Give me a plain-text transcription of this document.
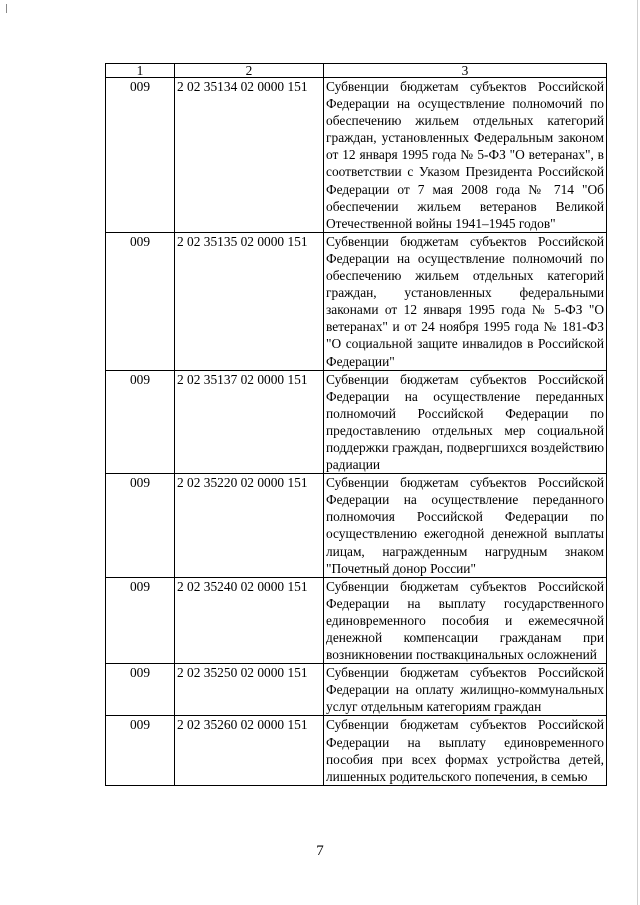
1	2	3
009	2 02 35134 02 0000 151	Субвенции бюджетам субъектов Российской Федерации на осуществление полномочий по обеспечению жильем отдельных категорий граждан, установленных Федеральным законом от 12 января 1995 года № 5-ФЗ "О ветеранах", в соответствии с Указом Президента Российской Федерации от 7 мая 2008 года № 714 "Об обеспечении жильем ветеранов Великой Отечественной войны 1941–1945 годов"
009	2 02 35135 02 0000 151	Субвенции бюджетам субъектов Российской Федерации на осуществление полномочий по обеспечению жильем отдельных категорий граждан, установленных федеральными законами от 12 января 1995 года № 5-ФЗ "О ветеранах" и от 24 ноября 1995 года № 181-ФЗ "О социальной защите инвалидов в Российской Федерации"
009	2 02 35137 02 0000 151	Субвенции бюджетам субъектов Российской Федерации на осуществление переданных полномочий Российской Федерации по предоставлению отдельных мер социальной поддержки граждан, подвергшихся воздействию радиации
009	2 02 35220 02 0000 151	Субвенции бюджетам субъектов Российской Федерации на осуществление переданного полномочия Российской Федерации по осуществлению ежегодной денежной выплаты лицам, награжденным нагрудным знаком "Почетный донор России"
009	2 02 35240 02 0000 151	Субвенции бюджетам субъектов Российской Федерации на выплату государственного единовременного пособия и ежемесячной денежной компенсации гражданам при возникновении поствакцинальных осложнений
009	2 02 35250 02 0000 151	Субвенции бюджетам субъектов Российской Федерации на оплату жилищно-коммунальных услуг отдельным категориям граждан
009	2 02 35260 02 0000 151	Субвенции бюджетам субъектов Российской Федерации на выплату единовременного пособия при всех формах устройства детей, лишенных родительского попечения, в семью
7
